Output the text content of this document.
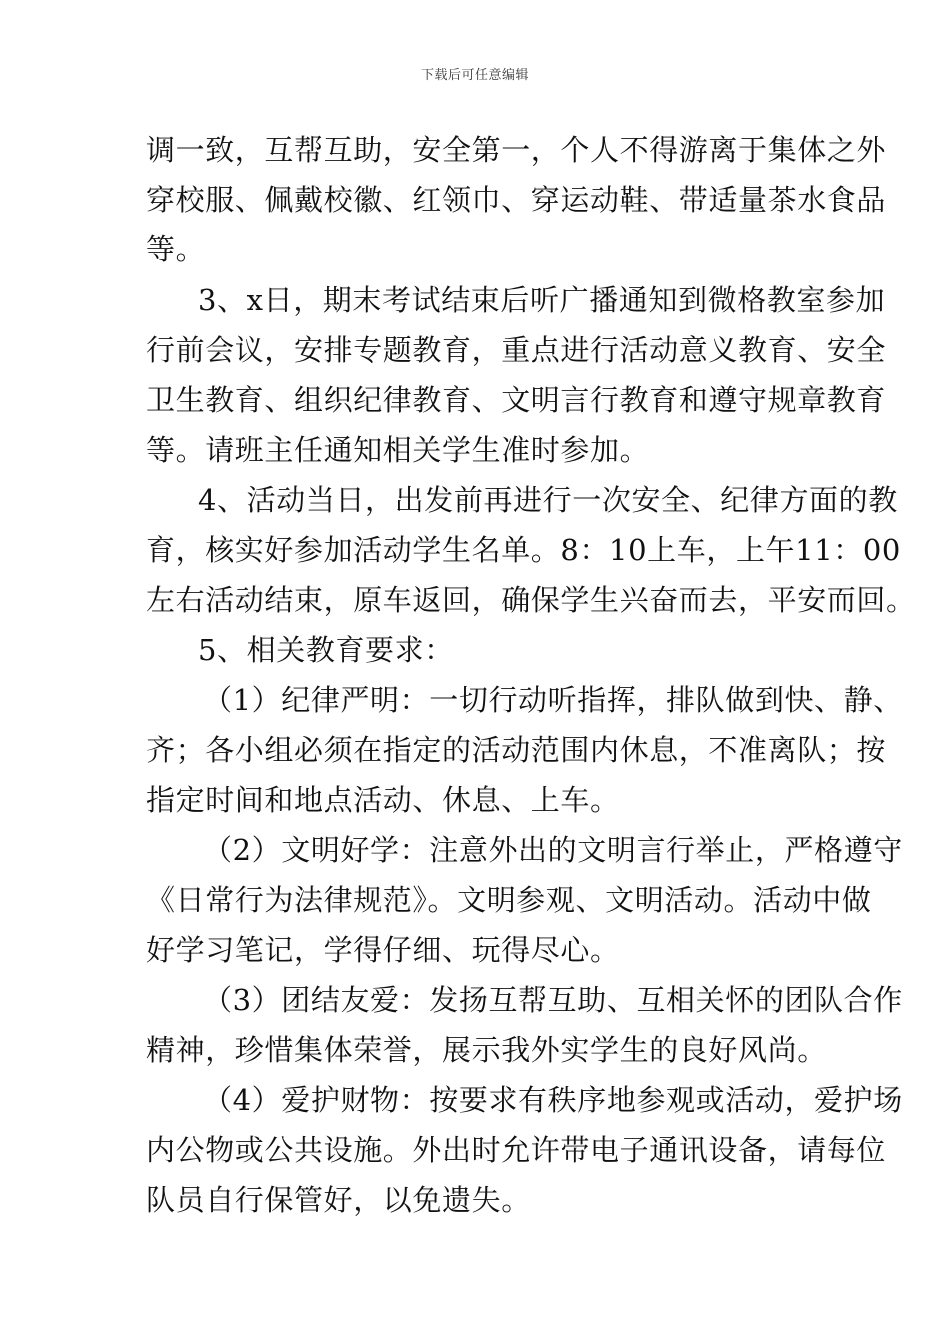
下载后可任意编辑
调一致，互帮互助，安全第一，个人不得游离于集体之外
穿校服、佩戴校徽、红领巾、穿运动鞋、带适量茶水食品
等。
3、x日，期末考试结束后听广播通知到微格教室参加
行前会议，安排专题教育，重点进行活动意义教育、安全
卫生教育、组织纪律教育、文明言行教育和遵守规章教育
等。请班主任通知相关学生准时参加。
4、活动当日，出发前再进行一次安全、纪律方面的教
育，核实好参加活动学生名单。8：10上车，上午11：00
左右活动结束，原车返回，确保学生兴奋而去，平安而回。
5、相关教育要求：
（1）纪律严明：一切行动听指挥，排队做到快、静、
齐；各小组必须在指定的活动范围内休息，不准离队；按
指定时间和地点活动、休息、上车。
（2）文明好学：注意外出的文明言行举止，严格遵守
《日常行为法律规范》。文明参观、文明活动。活动中做
好学习笔记，学得仔细、玩得尽心。
（3）团结友爱：发扬互帮互助、互相关怀的团队合作
精神，珍惜集体荣誉，展示我外实学生的良好风尚。
（4）爱护财物：按要求有秩序地参观或活动，爱护场
内公物或公共设施。外出时允许带电子通讯设备，请每位
队员自行保管好，以免遗失。
